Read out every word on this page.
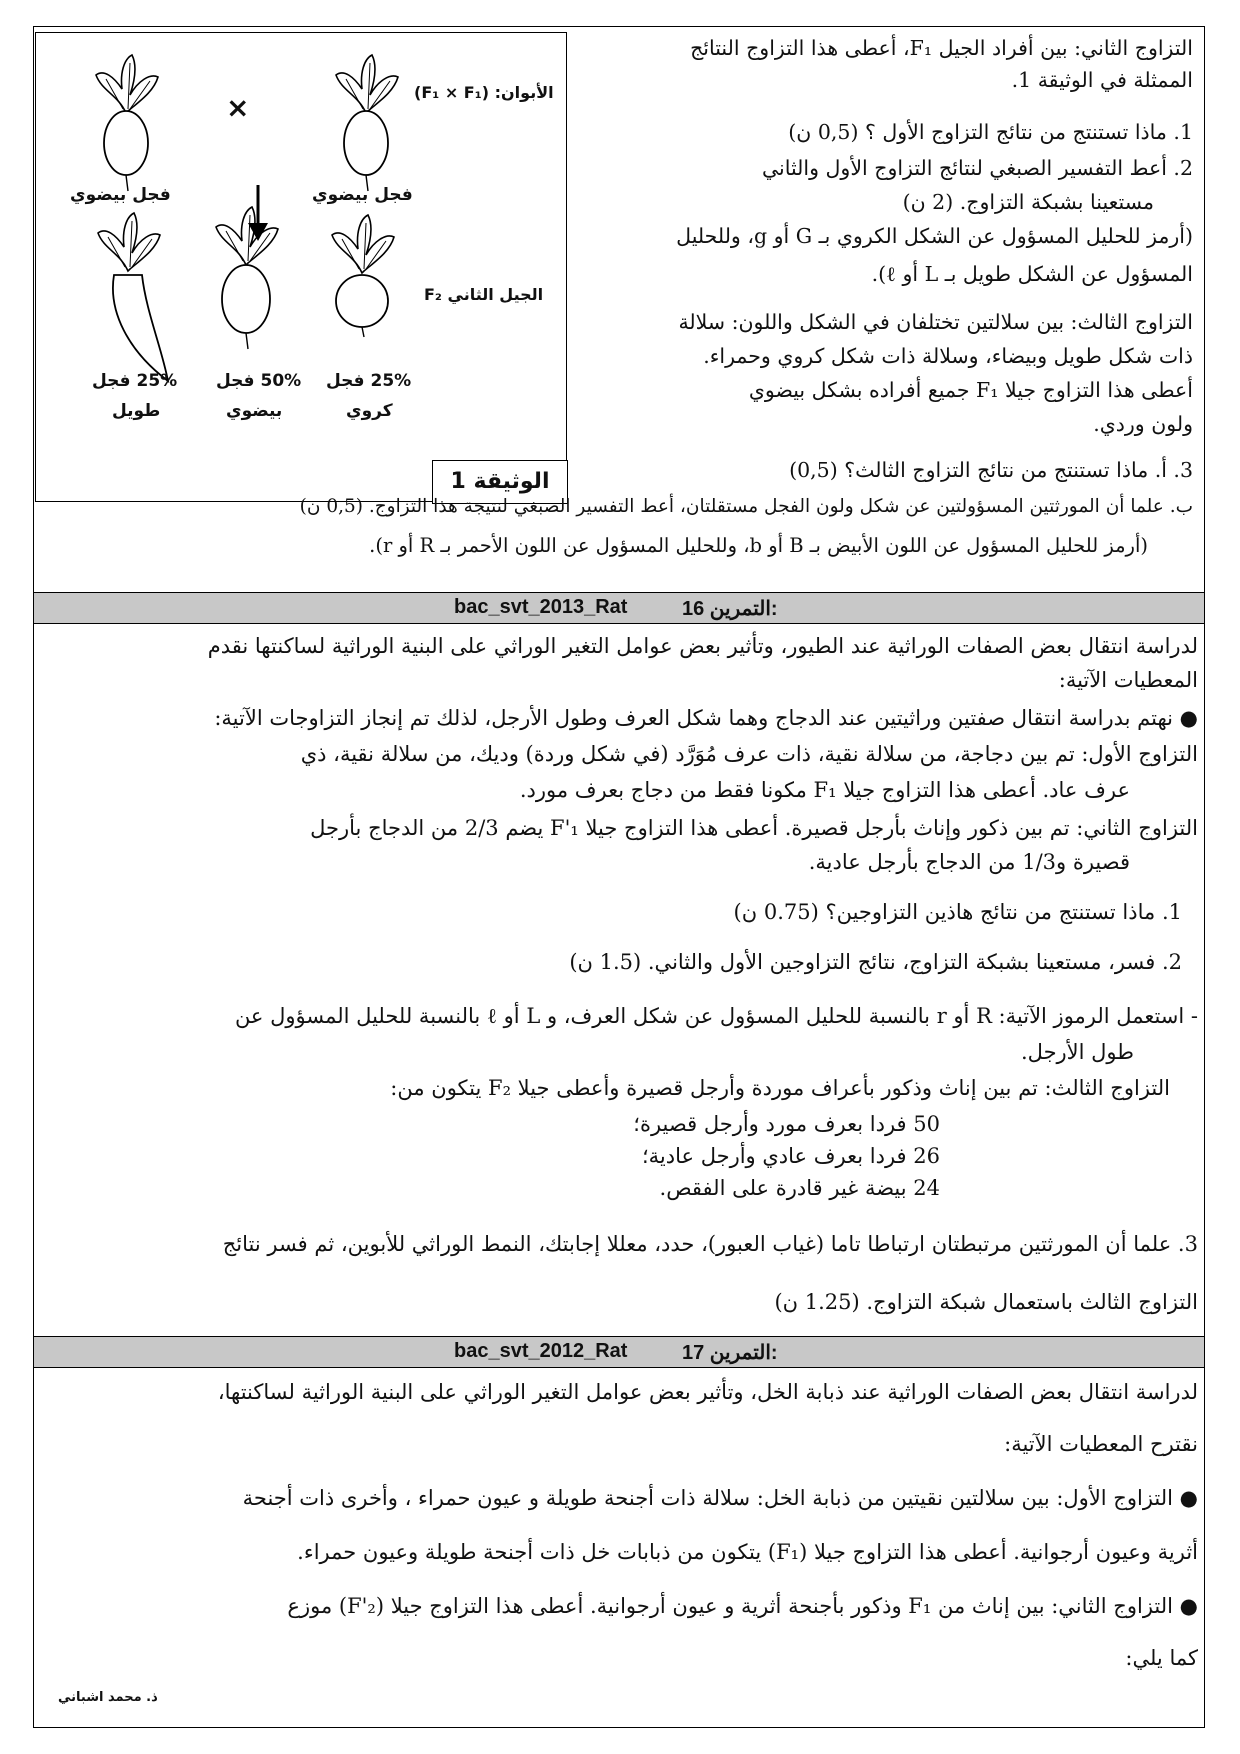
الأبوان: (F₁ × F₁)
×
فجل بيضوي	فجل بيضوي
الجيل الثاني F₂
25% فجل
طويل
50% فجل
بيضوي
25% فجل
كروي
الوثيقة 1
التزاوج الثاني: بين أفراد الجيل F₁، أعطى هذا التزاوج النتائج
الممثلة في الوثيقة 1.
1. ماذا تستنتج من نتائج التزاوج الأول ؟ (0,5 ن)
2. أعط التفسير الصبغي لنتائج التزاوج الأول والثاني
مستعينا بشبكة التزاوج. (2 ن)
(أرمز للحليل المسؤول عن الشكل الكروي بـ G أو g، وللحليل
المسؤول عن الشكل طويل بـ L أو ℓ).
التزاوج الثالث: بين سلالتين تختلفان في الشكل واللون: سلالة
ذات شكل طويل وبيضاء، وسلالة ذات شكل كروي وحمراء.
أعطى هذا التزاوج جيلا F₁ جميع أفراده بشكل بيضوي
ولون وردي.
3. أ. ماذا تستنتج من نتائج التزاوج الثالث؟ (0,5)
ب. علما أن المورثتين المسؤولتين عن شكل ولون الفجل مستقلتان، أعط التفسير الصبغي لنتيجة هذا التزاوج. (0,5 ن)
(أرمز للحليل المسؤول عن اللون الأبيض بـ B أو b، وللحليل المسؤول عن اللون الأحمر بـ R أو r).
bac_svt_2013_Rat	التمرين 16:
لدراسة انتقال بعض الصفات الوراثية عند الطيور، وتأثير بعض عوامل التغير الوراثي على البنية الوراثية لساكنتها نقدم
المعطيات الآتية:
● نهتم بدراسة انتقال صفتين وراثيتين عند الدجاج وهما شكل العرف وطول الأرجل، لذلك تم إنجاز التزاوجات الآتية:
التزاوج الأول: تم بين دجاجة، من سلالة نقية، ذات عرف مُوَرَّد (في شكل وردة) وديك، من سلالة نقية، ذي
عرف عاد. أعطى هذا التزاوج جيلا F₁ مكونا فقط من دجاج بعرف مورد.
التزاوج الثاني: تم بين ذكور وإناث بأرجل قصيرة. أعطى هذا التزاوج جيلا F'₁ يضم 2/3 من الدجاج بأرجل
قصيرة و1/3 من الدجاج بأرجل عادية.
1. ماذا تستنتج من نتائج هاذين التزاوجين؟ (0.75 ن)
2. فسر، مستعينا بشبكة التزاوج، نتائج التزاوجين الأول والثاني. (1.5 ن)
- استعمل الرموز الآتية: R أو r بالنسبة للحليل المسؤول عن شكل العرف، و L أو ℓ بالنسبة للحليل المسؤول عن
طول الأرجل.
التزاوج الثالث: تم بين إناث وذكور بأعراف موردة وأرجل قصيرة وأعطى جيلا F₂ يتكون من:
50 فردا بعرف مورد وأرجل قصيرة؛
26 فردا بعرف عادي وأرجل عادية؛
24 بيضة غير قادرة على الفقص.
3. علما أن المورثتين مرتبطتان ارتباطا تاما (غياب العبور)، حدد، معللا إجابتك، النمط الوراثي للأبوين، ثم فسر نتائج
التزاوج الثالث باستعمال شبكة التزاوج. (1.25 ن)
bac_svt_2012_Rat	التمرين 17:
لدراسة انتقال بعض الصفات الوراثية عند ذبابة الخل، وتأثير بعض عوامل التغير الوراثي على البنية الوراثية لساكنتها،
نقترح المعطيات الآتية:
● التزاوج الأول: بين سلالتين نقيتين من ذبابة الخل: سلالة ذات أجنحة طويلة و عيون حمراء ، وأخرى ذات أجنحة
أثرية وعيون أرجوانية. أعطى هذا التزاوج جيلا (F₁) يتكون من ذبابات خل ذات أجنحة طويلة وعيون حمراء.
● التزاوج الثاني: بين إناث من F₁ وذكور بأجنحة أثرية و عيون أرجوانية. أعطى هذا التزاوج جيلا (F'₂) موزع
كما يلي:
ذ. محمد اشباني
